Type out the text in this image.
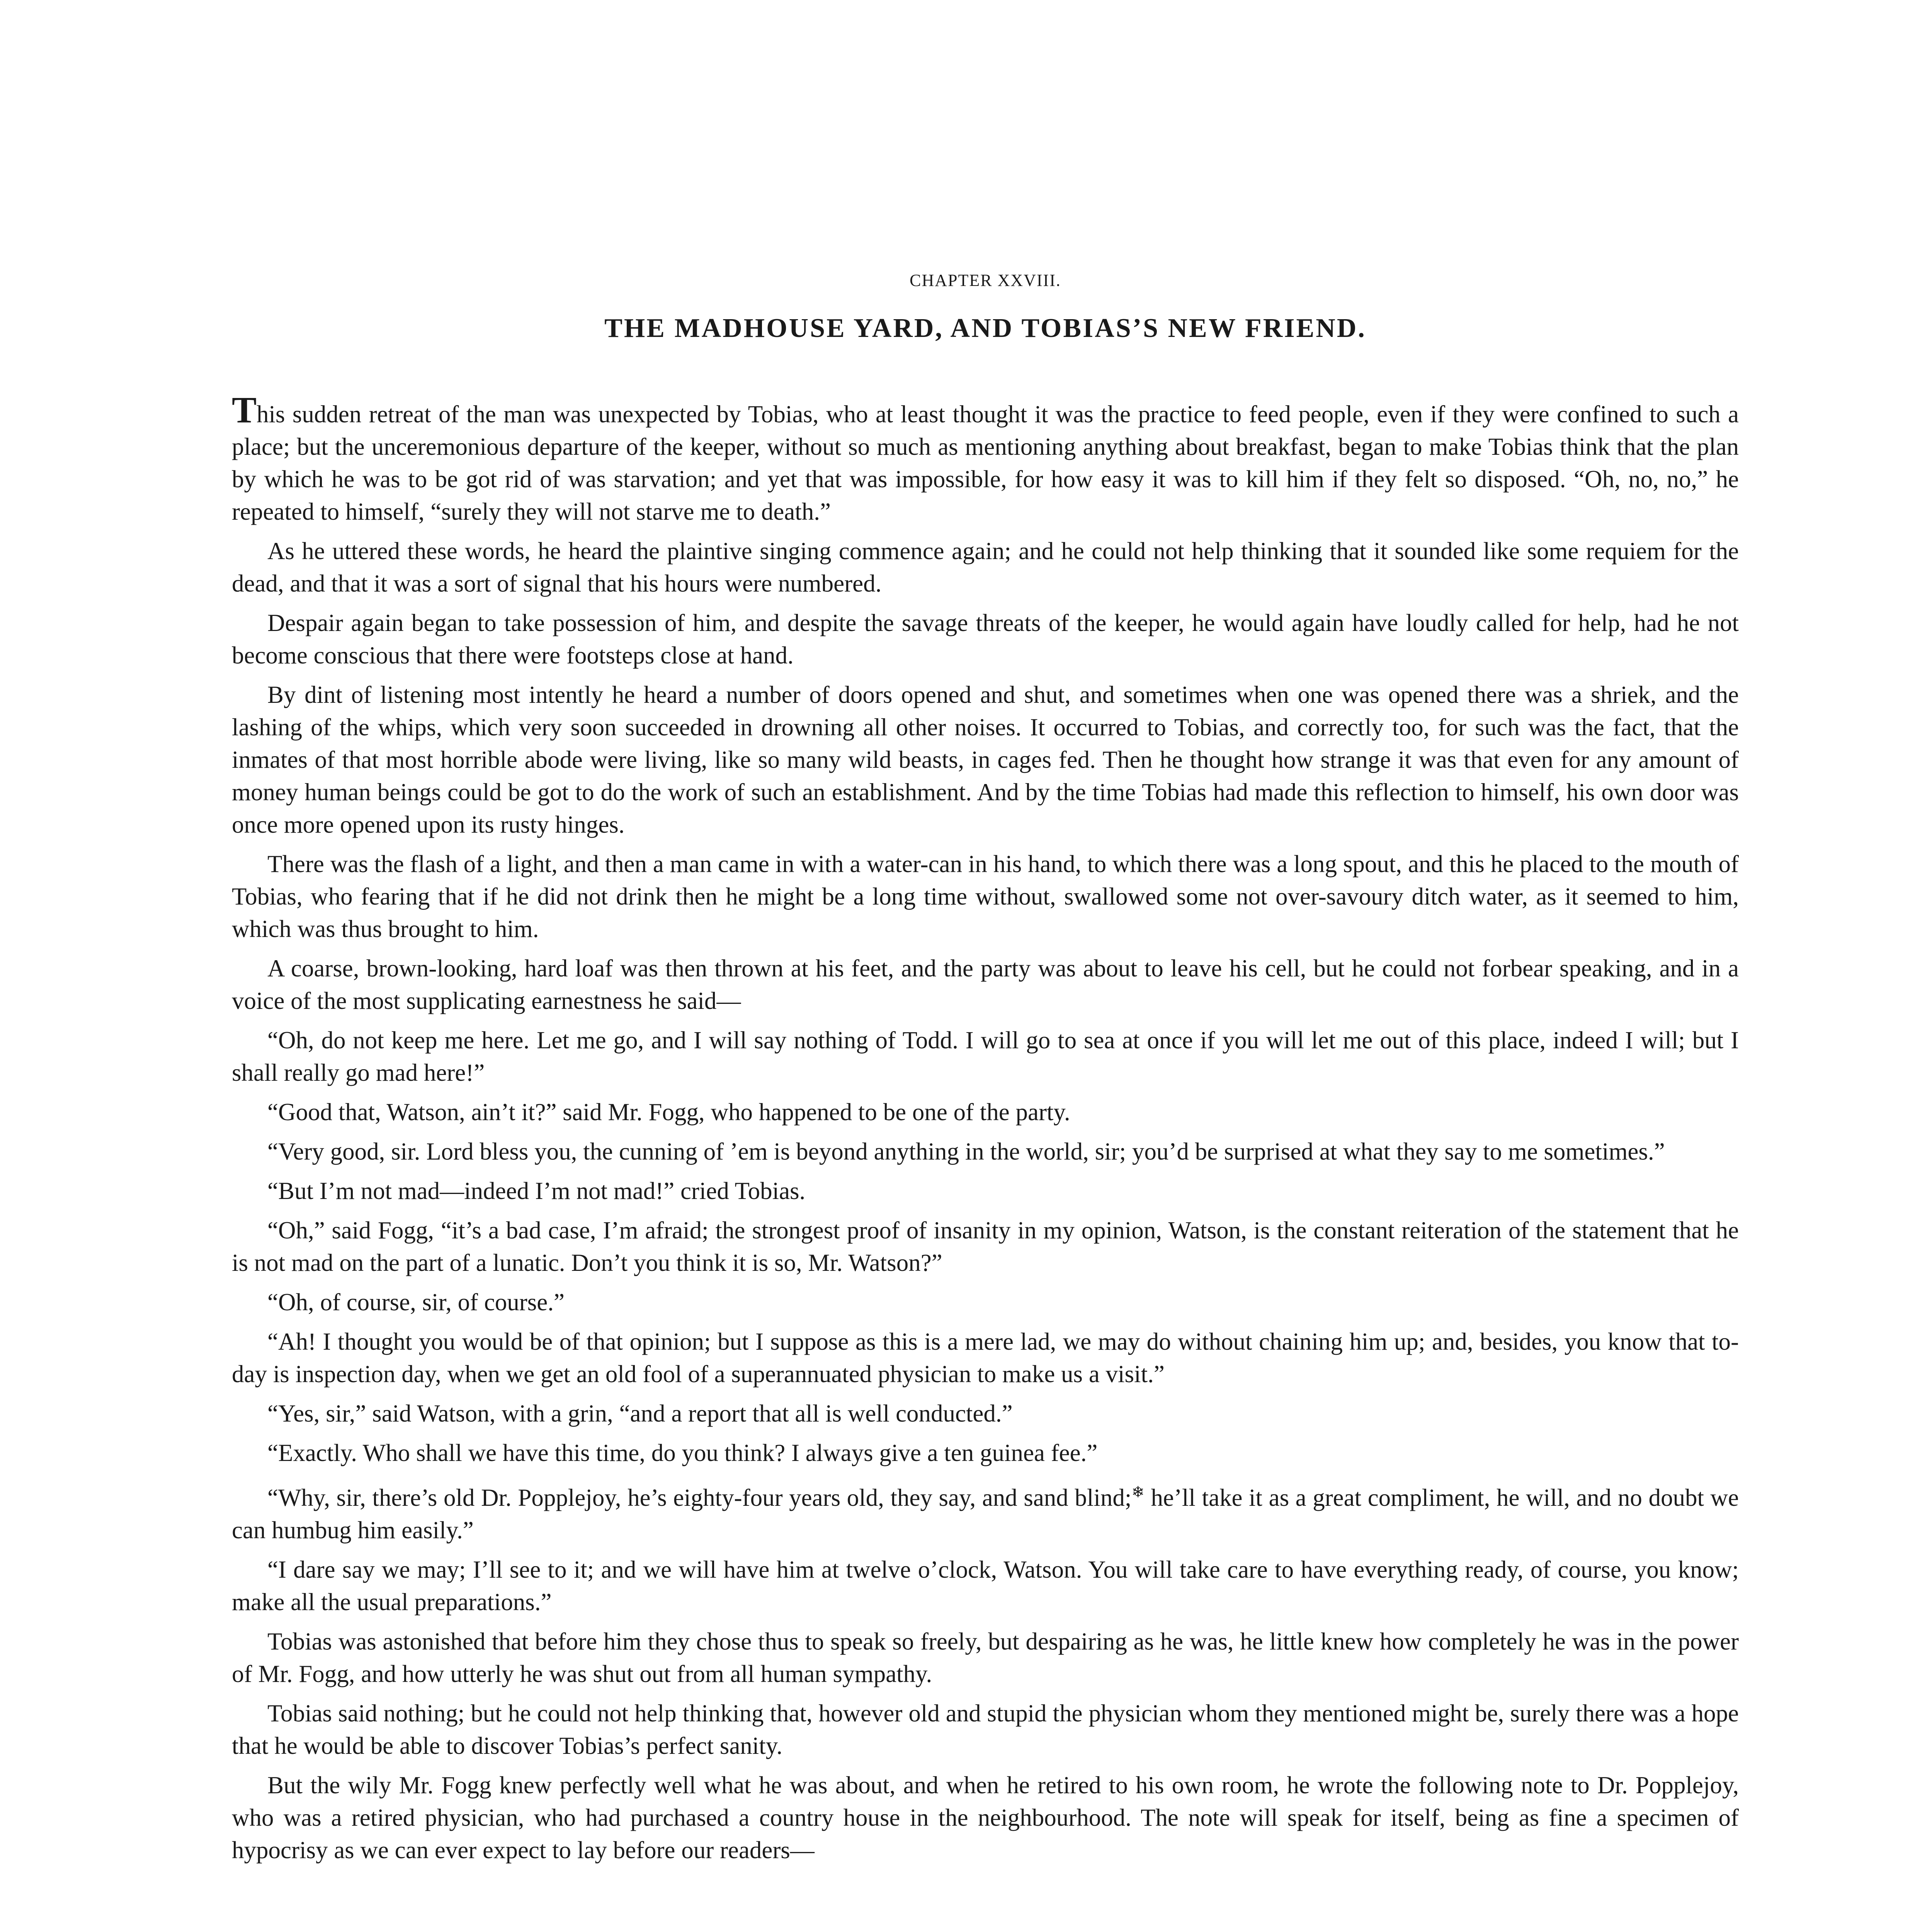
CHAPTER XXVIII.
THE MADHOUSE YARD, AND TOBIAS’S NEW FRIEND.

This sudden retreat of the man was unexpected by Tobias, who at least thought it was the practice to feed people, even if they were confined to such a place; but the unceremonious departure of the keeper, without so much as mentioning anything about breakfast, began to make Tobias think that the plan by which he was to be got rid of was starvation; and yet that was impossible, for how easy it was to kill him if they felt so disposed. “Oh, no, no,” he repeated to himself, “surely they will not starve me to death.”

As he uttered these words, he heard the plaintive singing commence again; and he could not help thinking that it sounded like some requiem for the dead, and that it was a sort of signal that his hours were numbered.

Despair again began to take possession of him, and despite the savage threats of the keeper, he would again have loudly called for help, had he not become conscious that there were footsteps close at hand.

By dint of listening most intently he heard a number of doors opened and shut, and sometimes when one was opened there was a shriek, and the lashing of the whips, which very soon succeeded in drowning all other noises. It occurred to Tobias, and correctly too, for such was the fact, that the inmates of that most horrible abode were living, like so many wild beasts, in cages fed. Then he thought how strange it was that even for any amount of money human beings could be got to do the work of such an establishment. And by the time Tobias had made this reflection to himself, his own door was once more opened upon its rusty hinges.

There was the flash of a light, and then a man came in with a water-can in his hand, to which there was a long spout, and this he placed to the mouth of Tobias, who fearing that if he did not drink then he might be a long time without, swallowed some not over-savoury ditch water, as it seemed to him, which was thus brought to him.

A coarse, brown-looking, hard loaf was then thrown at his feet, and the party was about to leave his cell, but he could not forbear speaking, and in a voice of the most supplicating earnestness he said—

“Oh, do not keep me here. Let me go, and I will say nothing of Todd. I will go to sea at once if you will let me out of this place, indeed I will; but I shall really go mad here!”

“Good that, Watson, ain’t it?” said Mr. Fogg, who happened to be one of the party.

“Very good, sir. Lord bless you, the cunning of ’em is beyond anything in the world, sir; you’d be surprised at what they say to me sometimes.”

“But I’m not mad—indeed I’m not mad!” cried Tobias.

“Oh,” said Fogg, “it’s a bad case, I’m afraid; the strongest proof of insanity in my opinion, Watson, is the constant reiteration of the statement that he is not mad on the part of a lunatic. Don’t you think it is so, Mr. Watson?”

“Oh, of course, sir, of course.”

“Ah! I thought you would be of that opinion; but I suppose as this is a mere lad, we may do without chaining him up; and, besides, you know that to-day is inspection day, when we get an old fool of a superannuated physician to make us a visit.”

“Yes, sir,” said Watson, with a grin, “and a report that all is well conducted.”

“Exactly. Who shall we have this time, do you think? I always give a ten guinea fee.”

“Why, sir, there’s old Dr. Popplejoy, he’s eighty-four years old, they say, and sand blind;❄ he’ll take it as a great compliment, he will, and no doubt we can humbug him easily.”

“I dare say we may; I’ll see to it; and we will have him at twelve o’clock, Watson. You will take care to have everything ready, of course, you know; make all the usual preparations.”

Tobias was astonished that before him they chose thus to speak so freely, but despairing as he was, he little knew how completely he was in the power of Mr. Fogg, and how utterly he was shut out from all human sympathy.

Tobias said nothing; but he could not help thinking that, however old and stupid the physician whom they mentioned might be, surely there was a hope that he would be able to discover Tobias’s perfect sanity.

But the wily Mr. Fogg knew perfectly well what he was about, and when he retired to his own room, he wrote the following note to Dr. Popplejoy, who was a retired physician, who had purchased a country house in the neighbourhood. The note will speak for itself, being as fine a specimen of hypocrisy as we can ever expect to lay before our readers—
